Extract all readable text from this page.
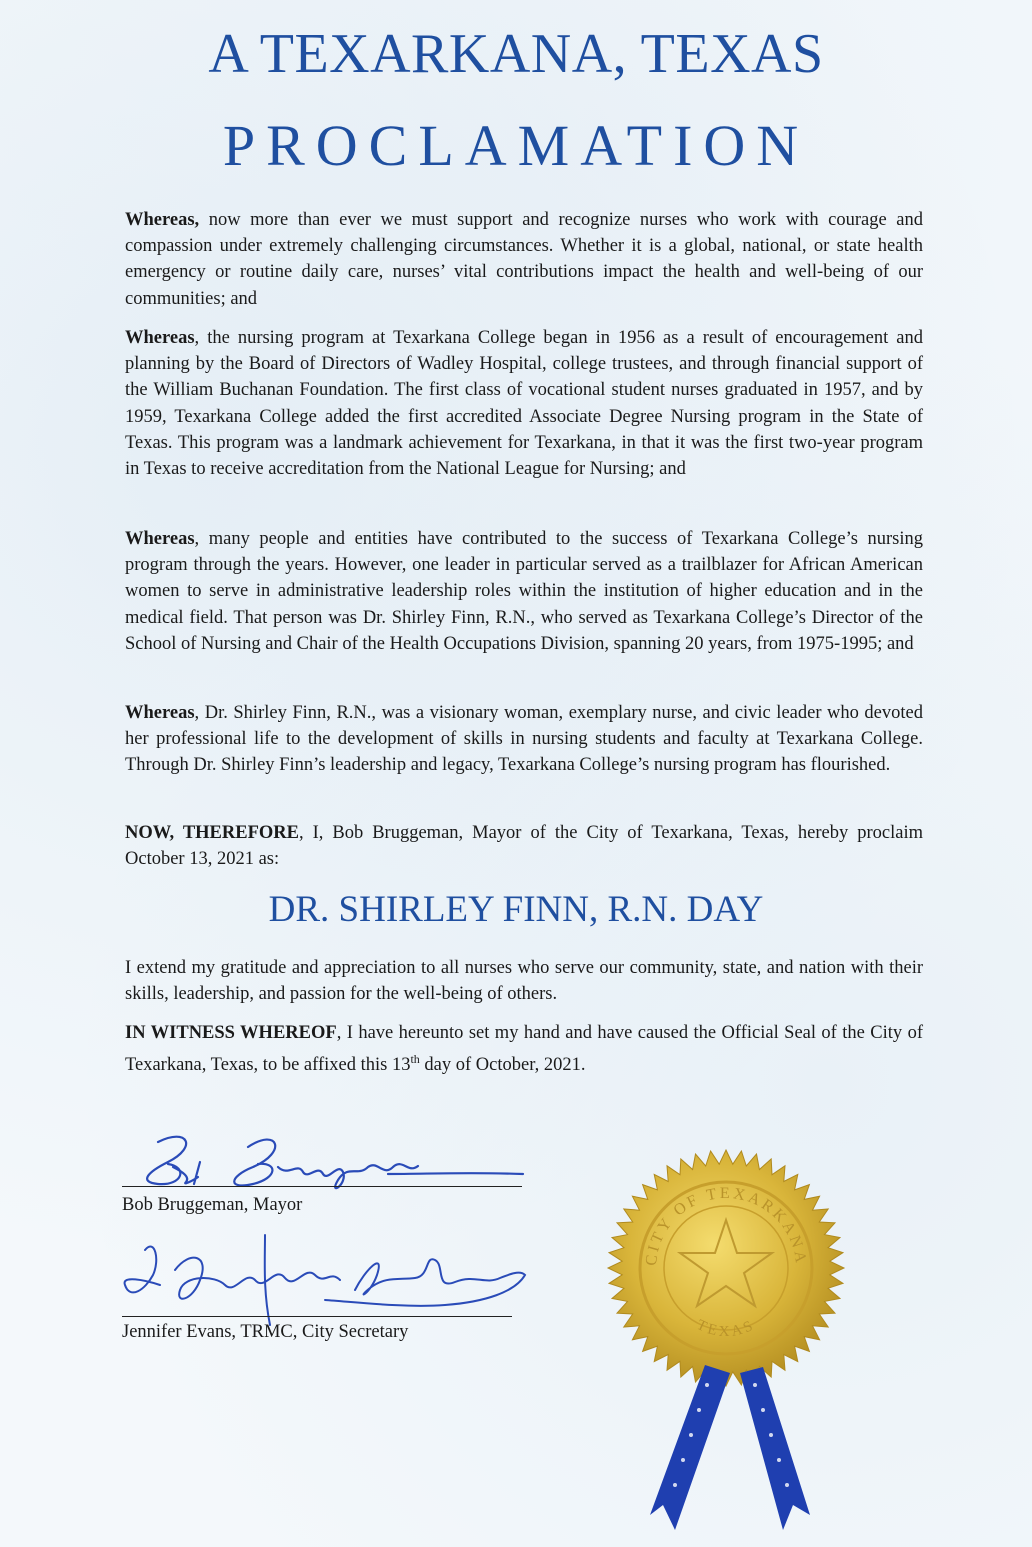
A TEXARKANA, TEXAS
PROCLAMATION

Whereas, now more than ever we must support and recognize nurses who work with courage and compassion under extremely challenging circumstances. Whether it is a global, national, or state health emergency or routine daily care, nurses’ vital contributions impact the health and well-being of our communities; and

Whereas, the nursing program at Texarkana College began in 1956 as a result of encouragement and planning by the Board of Directors of Wadley Hospital, college trustees, and through financial support of the William Buchanan Foundation. The first class of vocational student nurses graduated in 1957, and by 1959, Texarkana College added the first accredited Associate Degree Nursing program in the State of Texas. This program was a landmark achievement for Texarkana, in that it was the first two-year program in Texas to receive accreditation from the National League for Nursing; and

Whereas, many people and entities have contributed to the success of Texarkana College’s nursing program through the years. However, one leader in particular served as a trailblazer for African American women to serve in administrative leadership roles within the institution of higher education and in the medical field. That person was Dr. Shirley Finn, R.N., who served as Texarkana College’s Director of the School of Nursing and Chair of the Health Occupations Division, spanning 20 years, from 1975-1995; and

Whereas, Dr. Shirley Finn, R.N., was a visionary woman, exemplary nurse, and civic leader who devoted her professional life to the development of skills in nursing students and faculty at Texarkana College. Through Dr. Shirley Finn’s leadership and legacy, Texarkana College’s nursing program has flourished.

NOW, THEREFORE, I, Bob Bruggeman, Mayor of the City of Texarkana, Texas, hereby proclaim October 13, 2021 as:

DR. SHIRLEY FINN, R.N. DAY

I extend my gratitude and appreciation to all nurses who serve our community, state, and nation with their skills, leadership, and passion for the well-being of others.

IN WITNESS WHEREOF, I have hereunto set my hand and have caused the Official Seal of the City of Texarkana, Texas, to be affixed this 13th day of October, 2021.

Bob Bruggeman, Mayor

Jennifer Evans, TRMC, City Secretary

CITY OF TEXARKANA
TEXAS
